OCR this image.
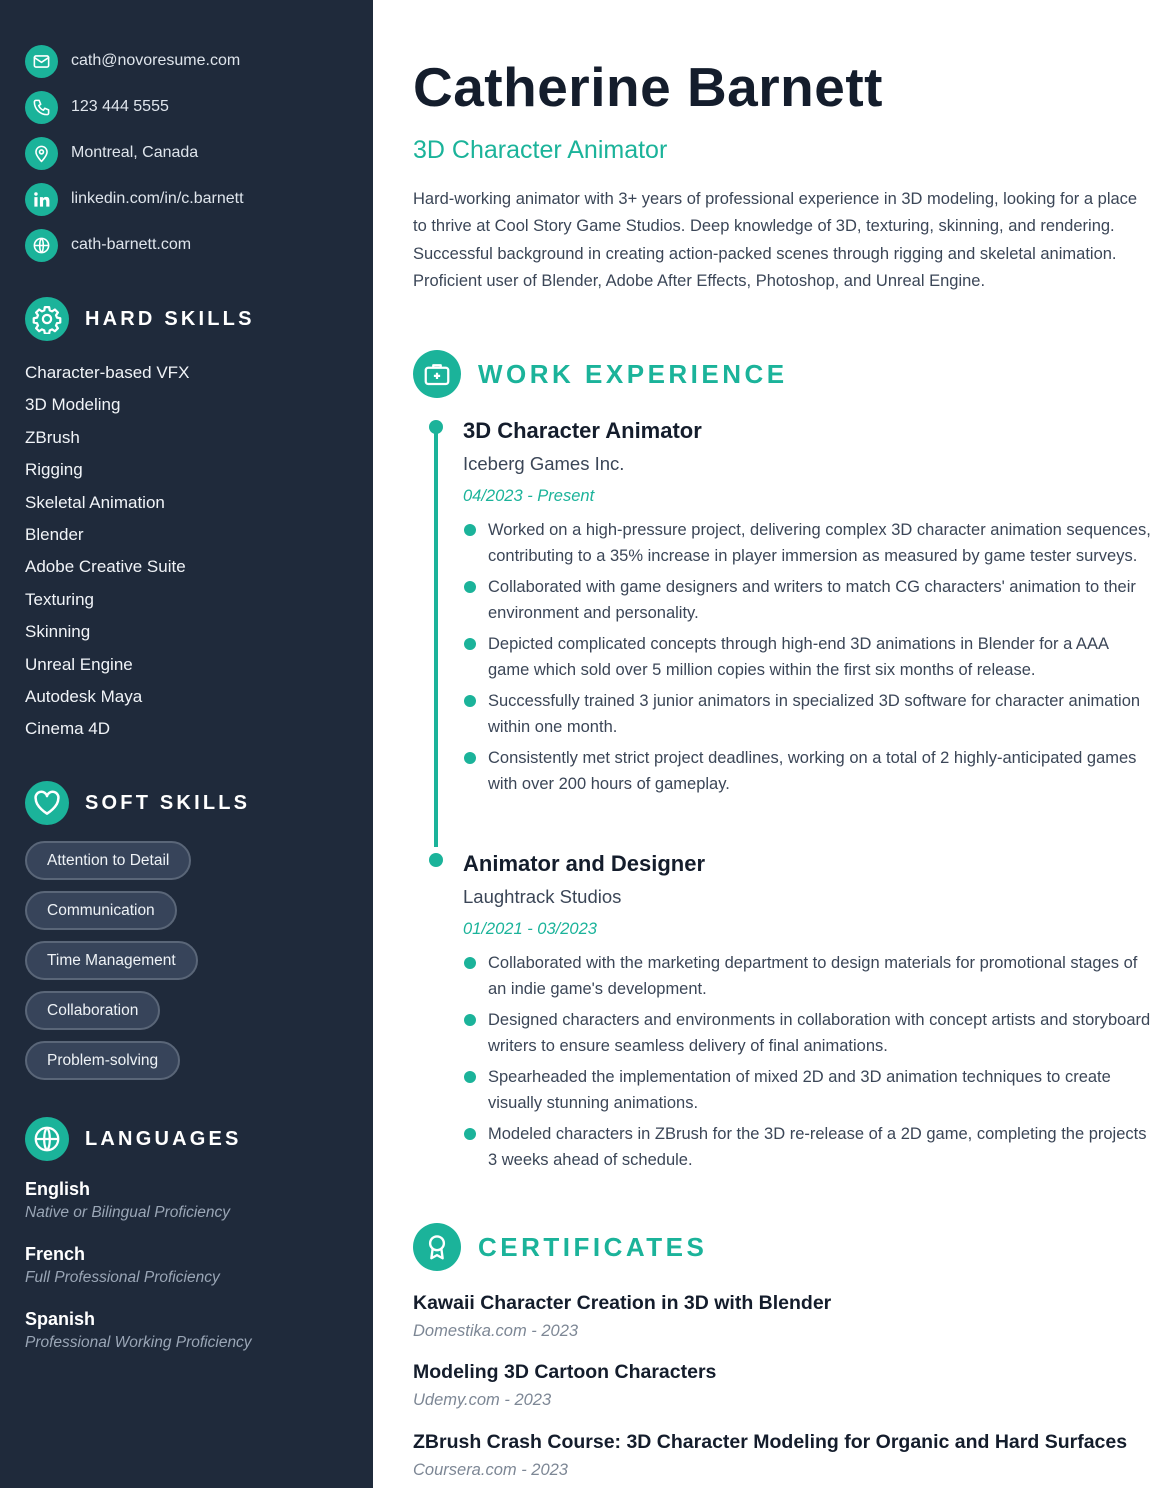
cath@novoresume.com
123 444 5555
Montreal, Canada
linkedin.com/in/c.barnett
cath-barnett.com
HARD SKILLS
Character-based VFX
3D Modeling
ZBrush
Rigging
Skeletal Animation
Blender
Adobe Creative Suite
Texturing
Skinning
Unreal Engine
Autodesk Maya
Cinema 4D
SOFT SKILLS
Attention to Detail
Communication
Time Management
Collaboration
Problem-solving
LANGUAGES
English
Native or Bilingual Proficiency
French
Full Professional Proficiency
Spanish
Professional Working Proficiency
Catherine Barnett
3D Character Animator
Hard-working animator with 3+ years of professional experience in 3D modeling, looking for a place to thrive at Cool Story Game Studios. Deep knowledge of 3D, texturing, skinning, and rendering. Successful background in creating action-packed scenes through rigging and skeletal animation. Proficient user of Blender, Adobe After Effects, Photoshop, and Unreal Engine.
WORK EXPERIENCE
3D Character Animator
Iceberg Games Inc.
04/2023 - Present
Worked on a high-pressure project, delivering complex 3D character animation sequences, contributing to a 35% increase in player immersion as measured by game tester surveys.
Collaborated with game designers and writers to match CG characters' animation to their environment and personality.
Depicted complicated concepts through high-end 3D animations in Blender for a AAA game which sold over 5 million copies within the first six months of release.
Successfully trained 3 junior animators in specialized 3D software for character animation within one month.
Consistently met strict project deadlines, working on a total of 2 highly-anticipated games with over 200 hours of gameplay.
Animator and Designer
Laughtrack Studios
01/2021 - 03/2023
Collaborated with the marketing department to design materials for promotional stages of an indie game's development.
Designed characters and environments in collaboration with concept artists and storyboard writers to ensure seamless delivery of final animations.
Spearheaded the implementation of mixed 2D and 3D animation techniques to create visually stunning animations.
Modeled characters in ZBrush for the 3D re-release of a 2D game, completing the projects 3 weeks ahead of schedule.
CERTIFICATES
Kawaii Character Creation in 3D with Blender
Domestika.com - 2023
Modeling 3D Cartoon Characters
Udemy.com - 2023
ZBrush Crash Course: 3D Character Modeling for Organic and Hard Surfaces
Coursera.com - 2023
